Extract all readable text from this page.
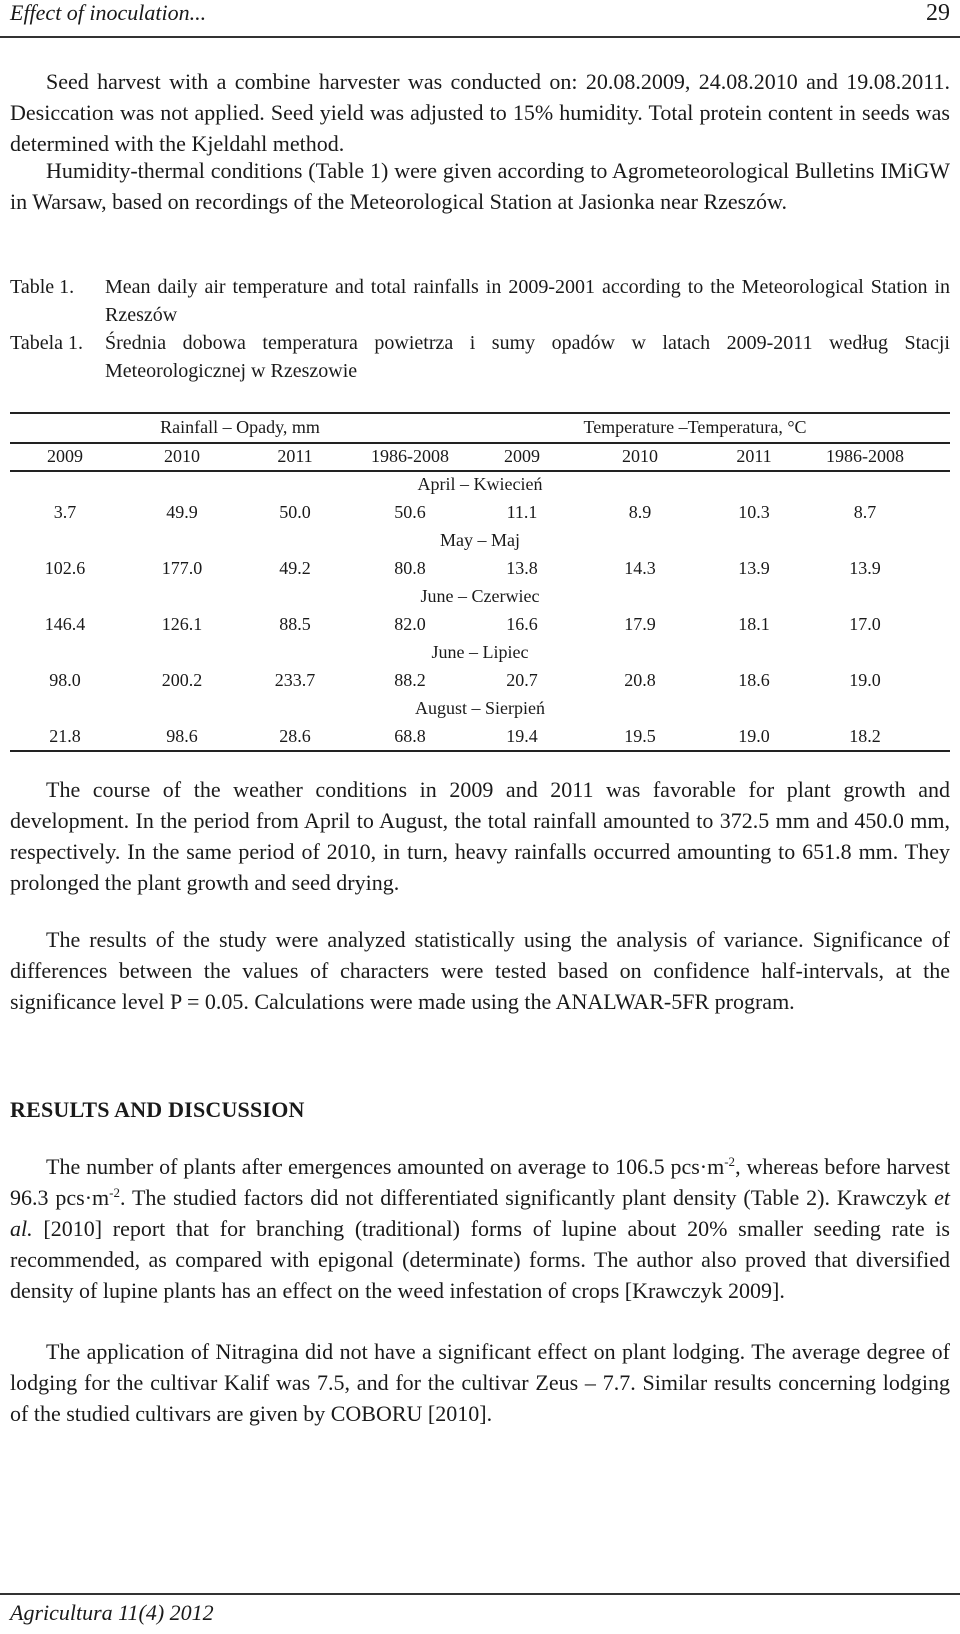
Effect of inoculation...	29
Seed harvest with a combine harvester was conducted on: 20.08.2009, 24.08.2010 and 19.08.2011. Desiccation was not applied. Seed yield was adjusted to 15% humidity. Total protein content in seeds was determined with the Kjeldahl method.
Humidity-thermal conditions (Table 1) were given according to Agrometeorological Bulletins IMiGW in Warsaw, based on recordings of the Meteorological Station at Jasionka near Rzeszów.
Table 1.	Mean daily air temperature and total rainfalls in 2009-2001 according to the Meteorological Station in Rzeszów
Tabela 1.	Średnia dobowa temperatura powietrza i sumy opadów w latach 2009-2011 według Stacji Meteorologicznej w Rzeszowie
Rainfall – Opady, mm	Temperature –Temperatura, °C
2009	2010	2011	1986-2008	2009	2010	2011	1986-2008
April – Kwiecień
3.7	49.9	50.0	50.6	11.1	8.9	10.3	8.7
May – Maj
102.6	177.0	49.2	80.8	13.8	14.3	13.9	13.9
June – Czerwiec
146.4	126.1	88.5	82.0	16.6	17.9	18.1	17.0
June – Lipiec
98.0	200.2	233.7	88.2	20.7	20.8	18.6	19.0
August – Sierpień
21.8	98.6	28.6	68.8	19.4	19.5	19.0	18.2
The course of the weather conditions in 2009 and 2011 was favorable for plant growth and development. In the period from April to August, the total rainfall amounted to 372.5 mm and 450.0 mm, respectively. In the same period of 2010, in turn, heavy rainfalls occurred amounting to 651.8 mm. They prolonged the plant growth and seed drying.
The results of the study were analyzed statistically using the analysis of variance. Significance of differences between the values of characters were tested based on confidence half-intervals, at the significance level P = 0.05. Calculations were made using the ANALWAR-5FR program.
RESULTS AND DISCUSSION
The number of plants after emergences amounted on average to 106.5 $pcs\cdot m^{-2}$, whereas before harvest 96.3 $pcs\cdot m^{-2}$. The studied factors did not differentiated significantly plant density (Table 2). Krawczyk et al. [2010] report that for branching (traditional) forms of lupine about 20% smaller seeding rate is recommended, as compared with epigonal (determinate) forms. The author also proved that diversified density of lupine plants has an effect on the weed infestation of crops [Krawczyk 2009].
The application of Nitragina did not have a significant effect on plant lodging. The average degree of lodging for the cultivar Kalif was 7.5, and for the cultivar Zeus – 7.7. Similar results concerning lodging of the studied cultivars are given by COBORU [2010].
Agricultura 11(4) 2012
